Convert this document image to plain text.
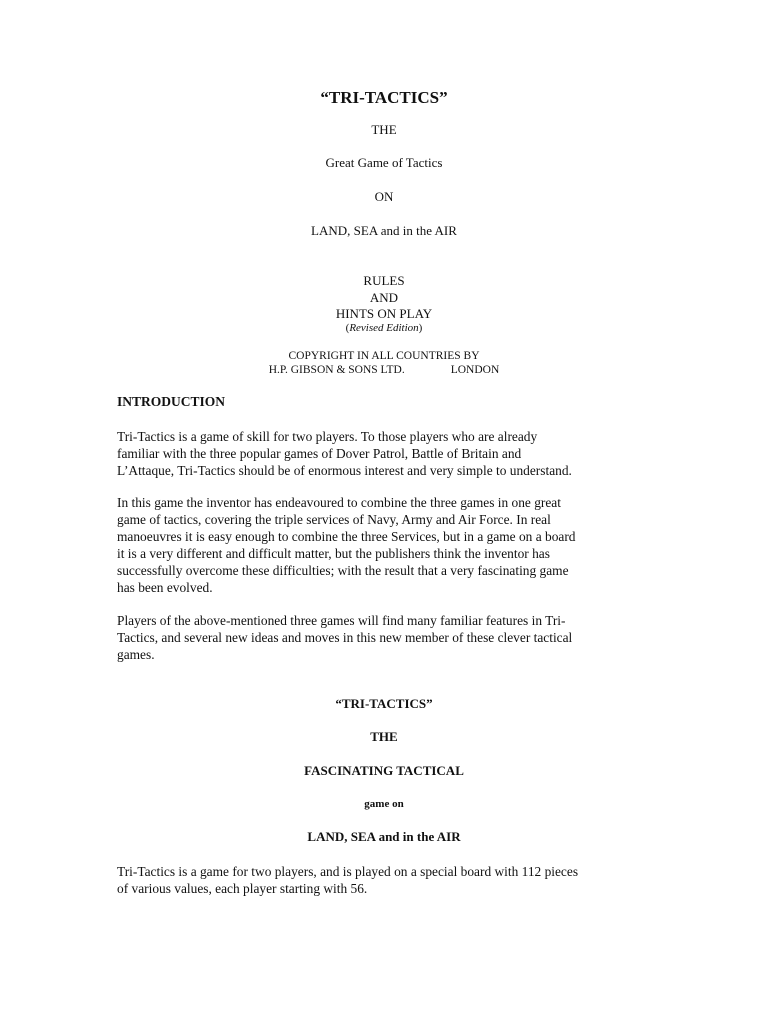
“TRI-TACTICS”
THE
Great Game of Tactics
ON
LAND, SEA and in the AIR
RULES
AND
HINTS ON PLAY
(Revised Edition)
COPYRIGHT IN ALL COUNTRIES BY
H.P. GIBSON & SONS LTD.	LONDON
INTRODUCTION
Tri-Tactics is a game of skill for two players. To those players who are already
familiar with the three popular games of Dover Patrol, Battle of Britain and
L’Attaque, Tri-Tactics should be of enormous interest and very simple to understand.
In this game the inventor has endeavoured to combine the three games in one great
game of tactics, covering the triple services of Navy, Army and Air Force. In real
manoeuvres it is easy enough to combine the three Services, but in a game on a board
it is a very different and difficult matter, but the publishers think the inventor has
successfully overcome these difficulties; with the result that a very fascinating game
has been evolved.
Players of the above-mentioned three games will find many familiar features in Tri-
Tactics, and several new ideas and moves in this new member of these clever tactical
games.
“TRI-TACTICS”
THE
FASCINATING TACTICAL
game on
LAND, SEA and in the AIR
Tri-Tactics is a game for two players, and is played on a special board with 112 pieces
of various values, each player starting with 56.
